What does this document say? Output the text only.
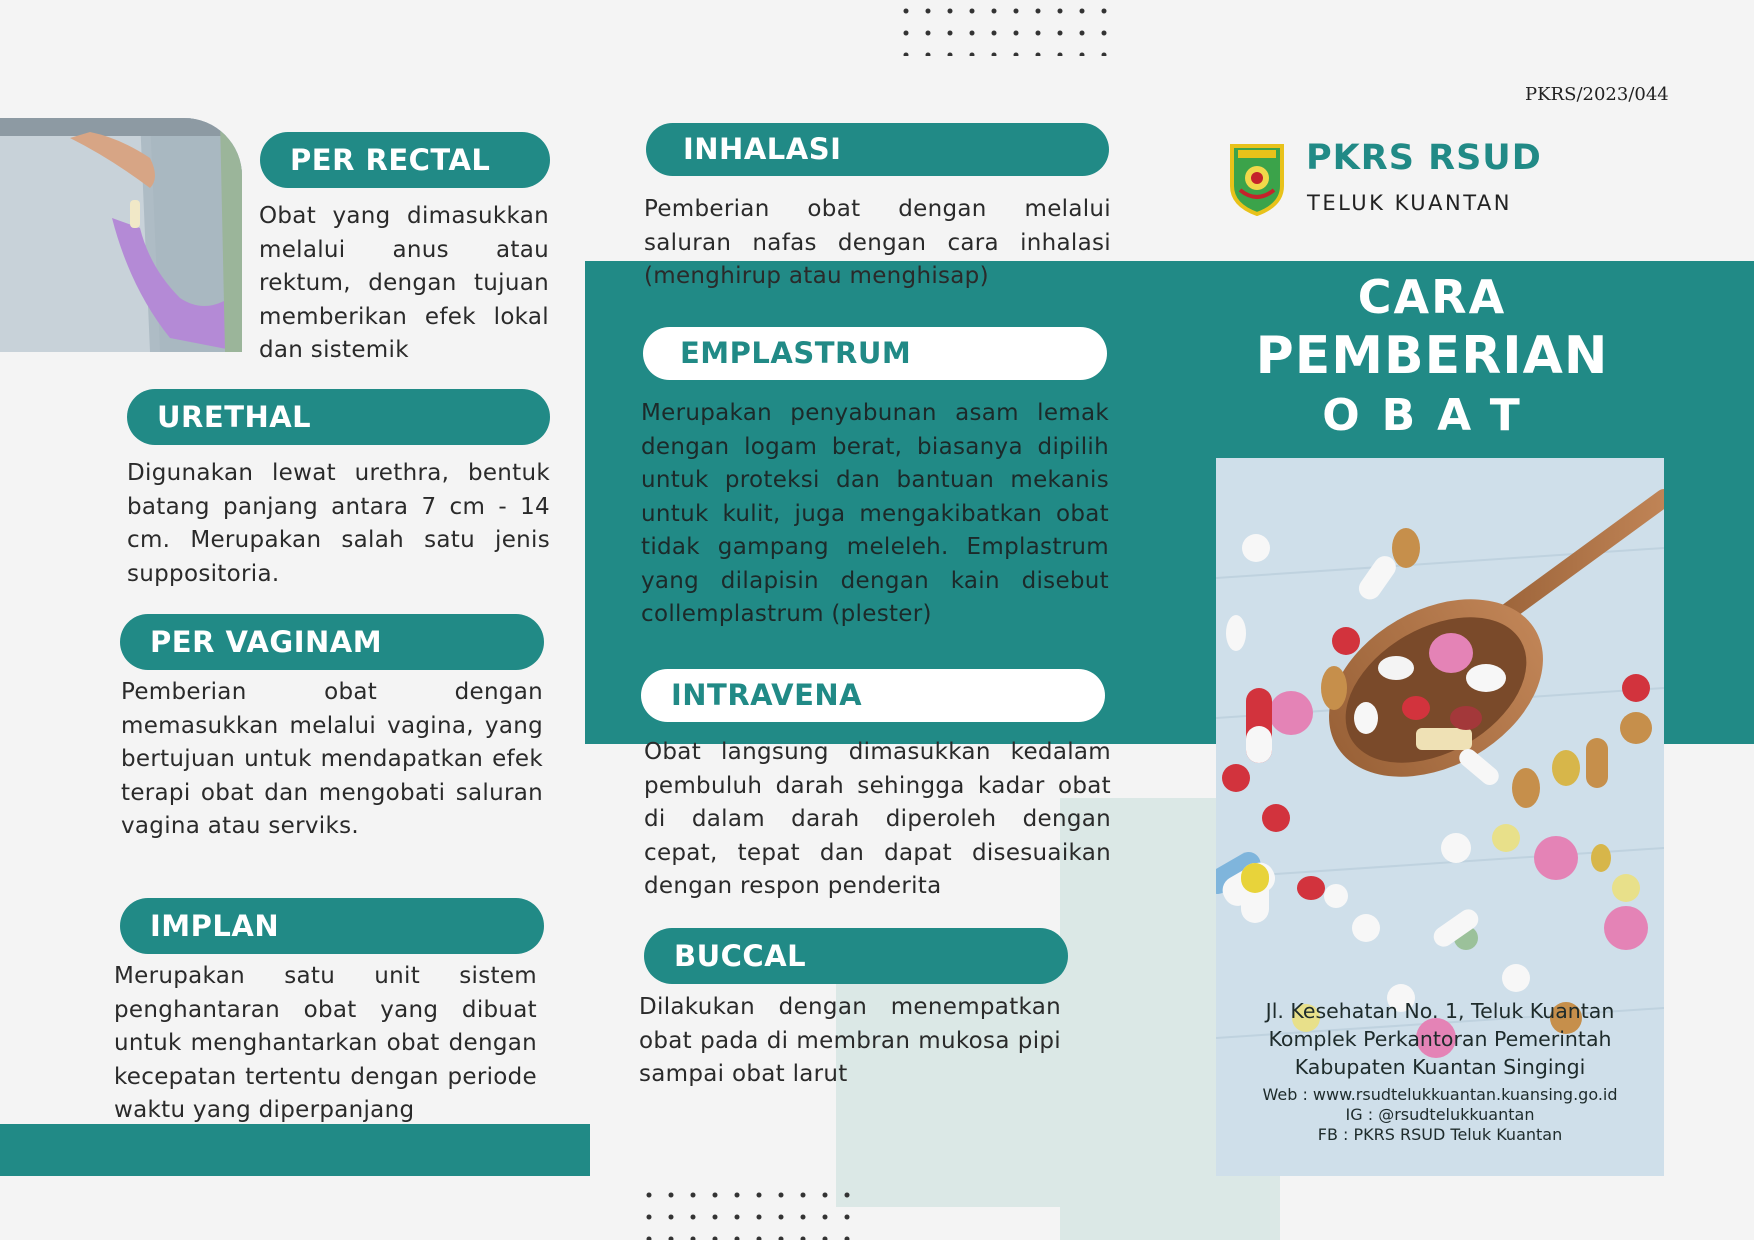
PKRS/2023/044
PKRS RSUD
TELUK KUANTAN
CARA
PEMBERIAN
OBAT
Jl. Kesehatan No. 1, Teluk Kuantan
Komplek Perkantoran Pemerintah
Kabupaten Kuantan Singingi
Web : www.rsudtelukkuantan.kuansing.go.id
IG : @rsudtelukkuantan
FB : PKRS RSUD Teluk Kuantan
PER RECTAL
Obat yang dimasukkan melalui anus atau rektum, dengan tujuan memberikan efek lokal dan sistemik
URETHAL
Digunakan lewat urethra, bentuk batang panjang antara 7 cm - 14 cm. Merupakan salah satu jenis suppositoria.
PER VAGINAM
Pemberian obat dengan memasukkan melalui vagina, yang bertujuan untuk mendapatkan efek terapi obat dan mengobati saluran vagina atau serviks.
IMPLAN
Merupakan satu unit sistem penghantaran obat yang dibuat untuk menghantarkan obat dengan kecepatan tertentu dengan periode waktu yang diperpanjang
INHALASI
Pemberian obat dengan melalui saluran nafas dengan cara inhalasi (menghirup atau menghisap)
EMPLASTRUM
Merupakan penyabunan asam lemak dengan logam berat, biasanya dipilih untuk proteksi dan bantuan mekanis untuk kulit, juga mengakibatkan obat tidak gampang meleleh. Emplastrum yang dilapisin dengan kain disebut collemplastrum (plester)
INTRAVENA
Obat langsung dimasukkan kedalam pembuluh darah sehingga kadar obat di dalam darah diperoleh dengan cepat, tepat dan dapat disesuaikan dengan respon penderita
BUCCAL
Dilakukan dengan menempatkan obat pada di membran mukosa pipi sampai obat larut
